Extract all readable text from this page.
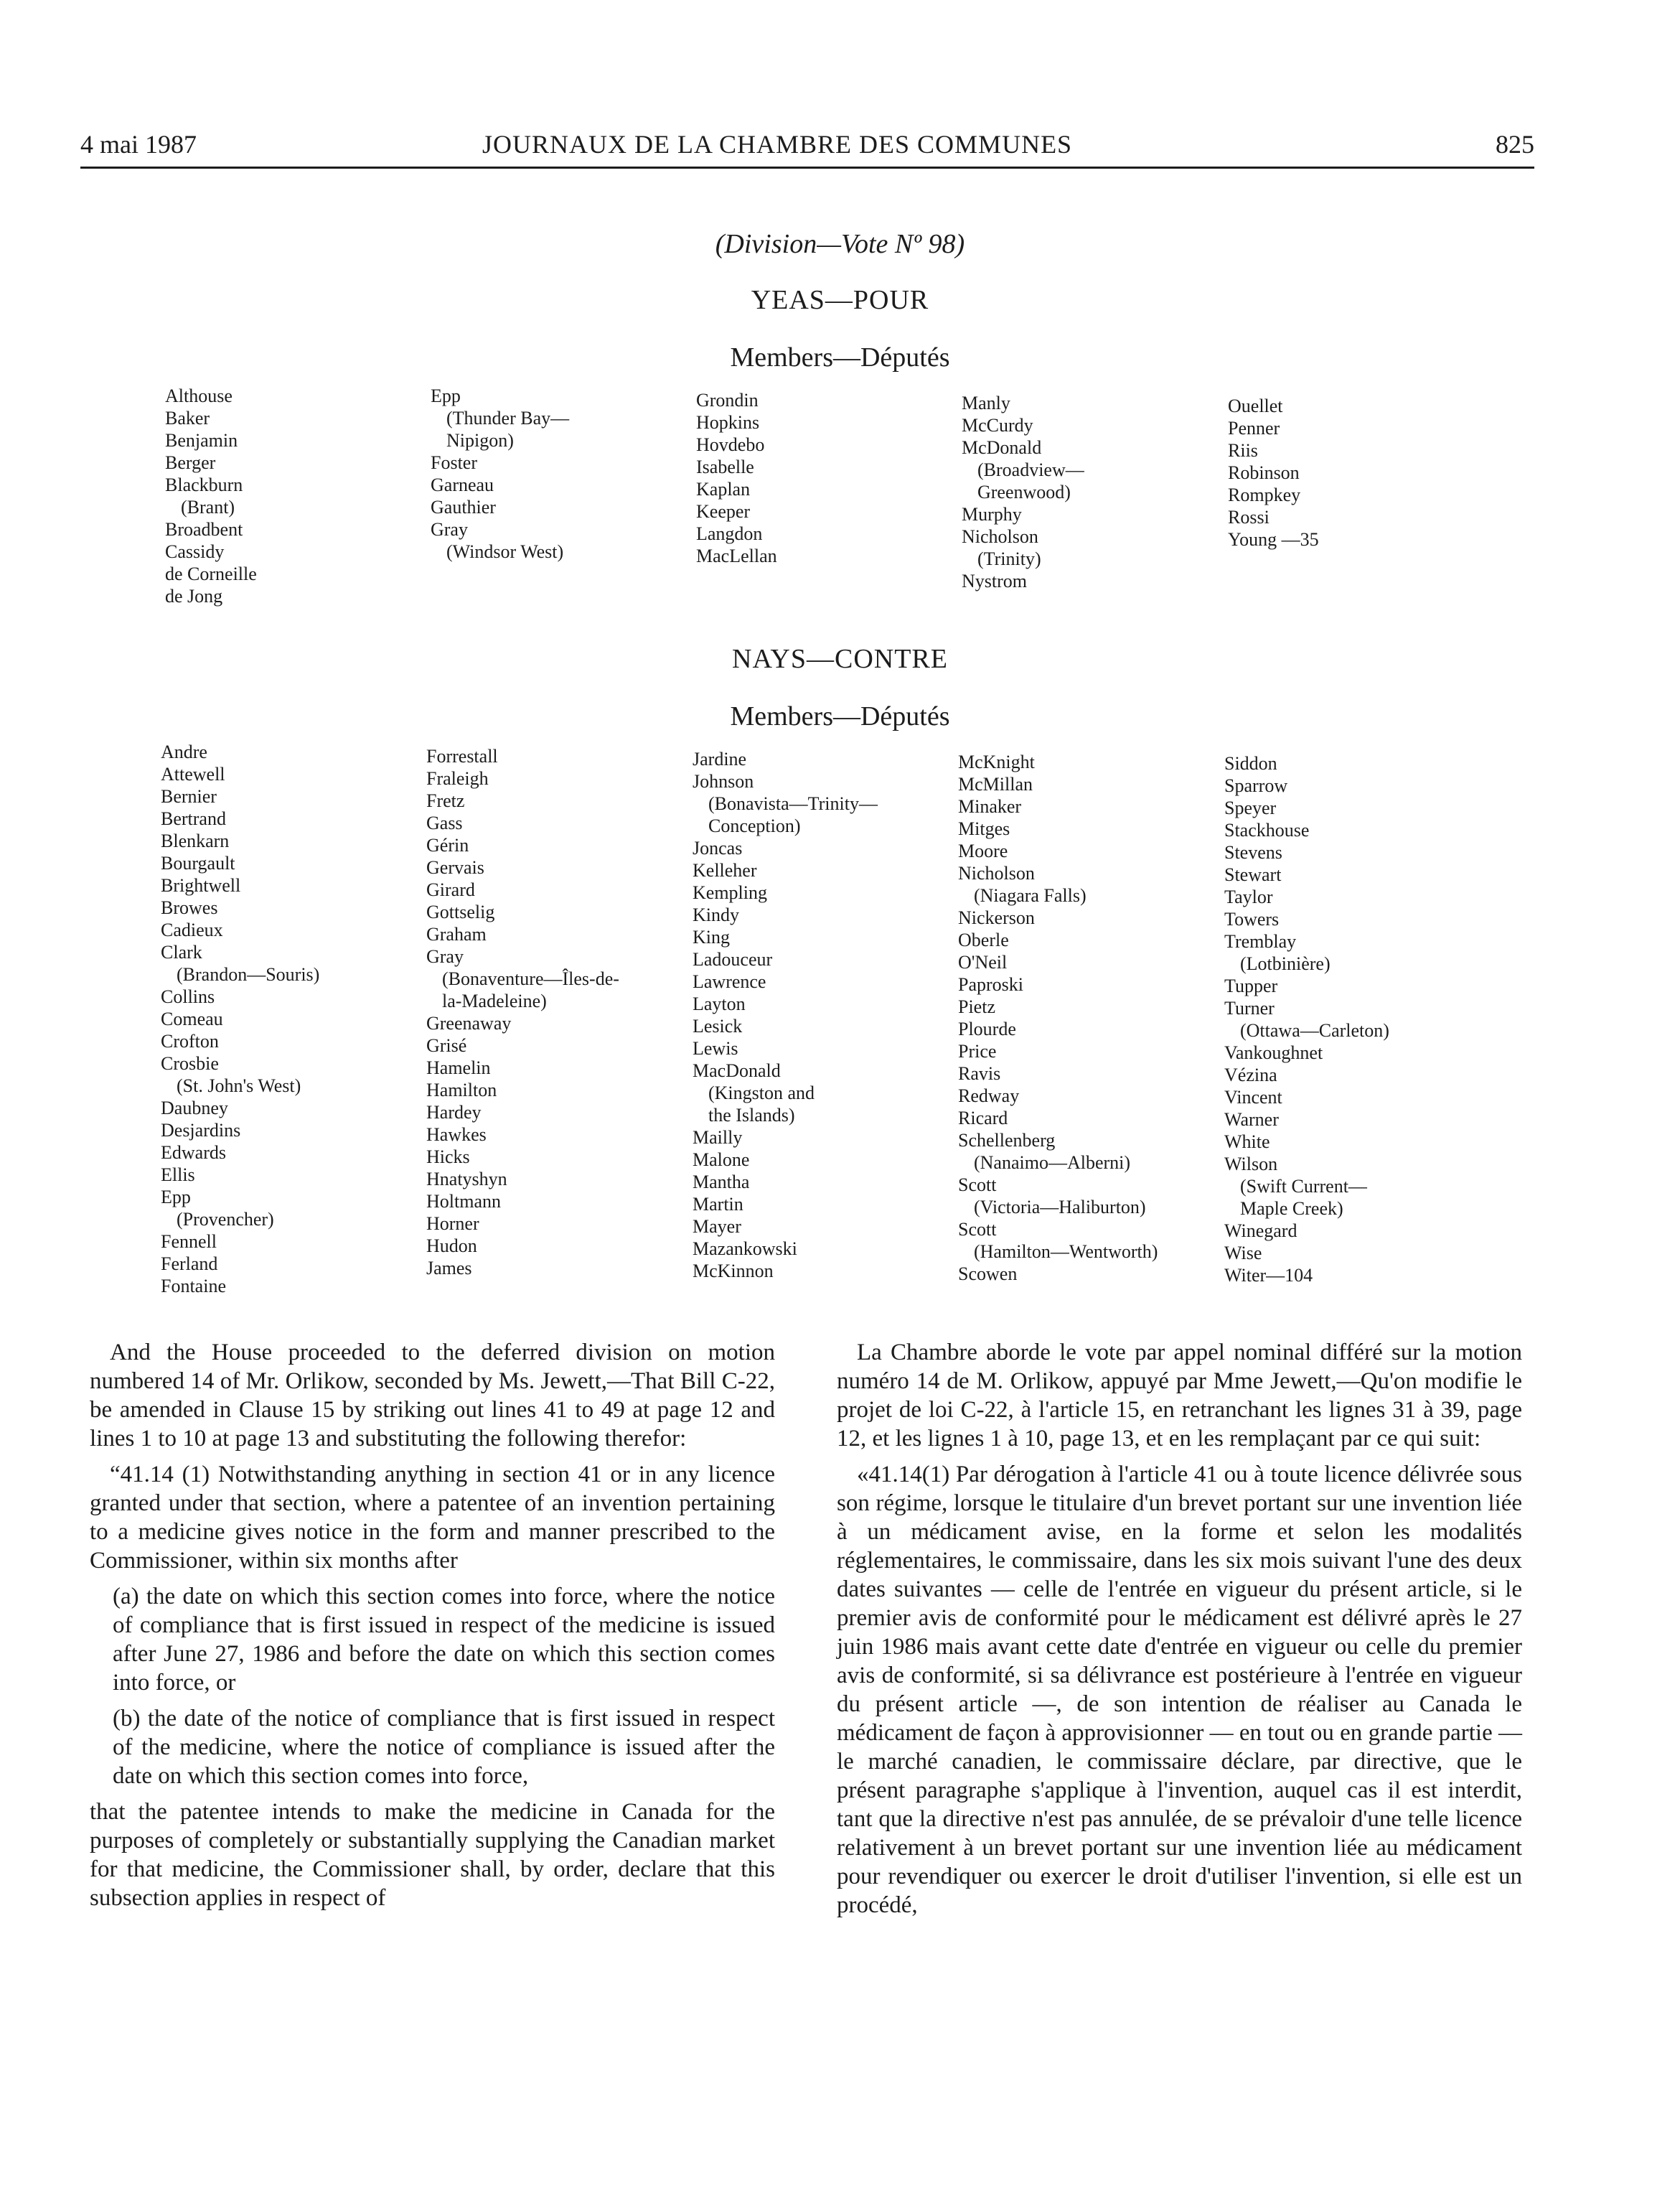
4 mai 1987	JOURNAUX DE LA CHAMBRE DES COMMUNES	825
(Division—Vote Nº 98)
YEAS—POUR
Members—Députés
Althouse
Baker
Benjamin
Berger
Blackburn
(Brant)
Broadbent
Cassidy
de Corneille
de Jong
Epp
(Thunder Bay—
Nipigon)
Foster
Garneau
Gauthier
Gray
(Windsor West)
Grondin
Hopkins
Hovdebo
Isabelle
Kaplan
Keeper
Langdon
MacLellan
Manly
McCurdy
McDonald
(Broadview—
Greenwood)
Murphy
Nicholson
(Trinity)
Nystrom
Ouellet
Penner
Riis
Robinson
Rompkey
Rossi
Young —35
NAYS—CONTRE
Members—Députés
Andre
Attewell
Bernier
Bertrand
Blenkarn
Bourgault
Brightwell
Browes
Cadieux
Clark
(Brandon—Souris)
Collins
Comeau
Crofton
Crosbie
(St. John's West)
Daubney
Desjardins
Edwards
Ellis
Epp
(Provencher)
Fennell
Ferland
Fontaine
Forrestall
Fraleigh
Fretz
Gass
Gérin
Gervais
Girard
Gottselig
Graham
Gray
(Bonaventure—Îles-de-
la-Madeleine)
Greenaway
Grisé
Hamelin
Hamilton
Hardey
Hawkes
Hicks
Hnatyshyn
Holtmann
Horner
Hudon
James
Jardine
Johnson
(Bonavista—Trinity—
Conception)
Joncas
Kelleher
Kempling
Kindy
King
Ladouceur
Lawrence
Layton
Lesick
Lewis
MacDonald
(Kingston and
the Islands)
Mailly
Malone
Mantha
Martin
Mayer
Mazankowski
McKinnon
McKnight
McMillan
Minaker
Mitges
Moore
Nicholson
(Niagara Falls)
Nickerson
Oberle
O'Neil
Paproski
Pietz
Plourde
Price
Ravis
Redway
Ricard
Schellenberg
(Nanaimo—Alberni)
Scott
(Victoria—Haliburton)
Scott
(Hamilton—Wentworth)
Scowen
Siddon
Sparrow
Speyer
Stackhouse
Stevens
Stewart
Taylor
Towers
Tremblay
(Lotbinière)
Tupper
Turner
(Ottawa—Carleton)
Vankoughnet
Vézina
Vincent
Warner
White
Wilson
(Swift Current—
Maple Creek)
Winegard
Wise
Witer—104

And the House proceeded to the deferred division on motion numbered 14 of Mr. Orlikow, seconded by Ms. Jewett,—That Bill C-22, be amended in Clause 15 by striking out lines 41 to 49 at page 12 and lines 1 to 10 at page 13 and substituting the following therefor:

“41.14 (1) Notwithstanding anything in section 41 or in any licence granted under that section, where a patentee of an invention pertaining to a medicine gives notice in the form and manner prescribed to the Commissioner, within six months after

(a) the date on which this section comes into force, where the notice of compliance that is first issued in respect of the medicine is issued after June 27, 1986 and before the date on which this section comes into force, or

(b) the date of the notice of compliance that is first issued in respect of the medicine, where the notice of compliance is issued after the date on which this section comes into force,

that the patentee intends to make the medicine in Canada for the purposes of completely or substantially supplying the Canadian market for that medicine, the Commissioner shall, by order, declare that this subsection applies in respect of

La Chambre aborde le vote par appel nominal différé sur la motion numéro 14 de M. Orlikow, appuyé par Mme Jewett,—Qu'on modifie le projet de loi C-22, à l'article 15, en retranchant les lignes 31 à 39, page 12, et les lignes 1 à 10, page 13, et en les remplaçant par ce qui suit:

«41.14(1) Par dérogation à l'article 41 ou à toute licence délivrée sous son régime, lorsque le titulaire d'un brevet portant sur une invention liée à un médicament avise, en la forme et selon les modalités réglementaires, le commissaire, dans les six mois suivant l'une des deux dates suivantes — celle de l'entrée en vigueur du présent article, si le premier avis de conformité pour le médicament est délivré après le 27 juin 1986 mais avant cette date d'entrée en vigueur ou celle du premier avis de conformité, si sa délivrance est postérieure à l'entrée en vigueur du présent article —, de son intention de réaliser au Canada le médicament de façon à approvisionner — en tout ou en grande partie — le marché canadien, le commissaire déclare, par directive, que le présent paragraphe s'applique à l'invention, auquel cas il est interdit, tant que la directive n'est pas annulée, de se prévaloir d'une telle licence relativement à un brevet portant sur une invention liée au médicament pour revendiquer ou exercer le droit d'utiliser l'invention, si elle est un procédé,
